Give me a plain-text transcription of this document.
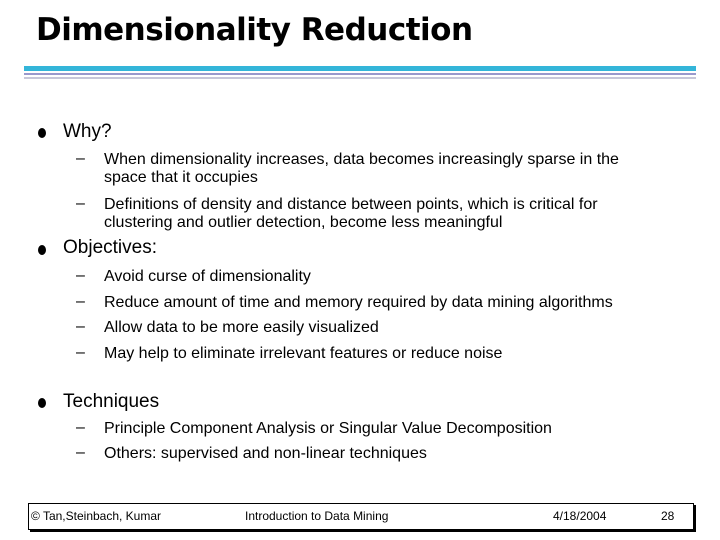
Dimensionality Reduction
Why?
– When dimensionality increases, data becomes increasingly sparse in the
space that it occupies
– Definitions of density and distance between points, which is critical for
clustering and outlier detection, become less meaningful
Objectives:
– Avoid curse of dimensionality
– Reduce amount of time and memory required by data mining algorithms
– Allow data to be more easily visualized
– May help to eliminate irrelevant features or reduce noise
Techniques
– Principle Component Analysis or Singular Value Decomposition
– Others: supervised and non-linear techniques
© Tan,Steinbach, Kumar	Introduction to Data Mining	4/18/2004	28
